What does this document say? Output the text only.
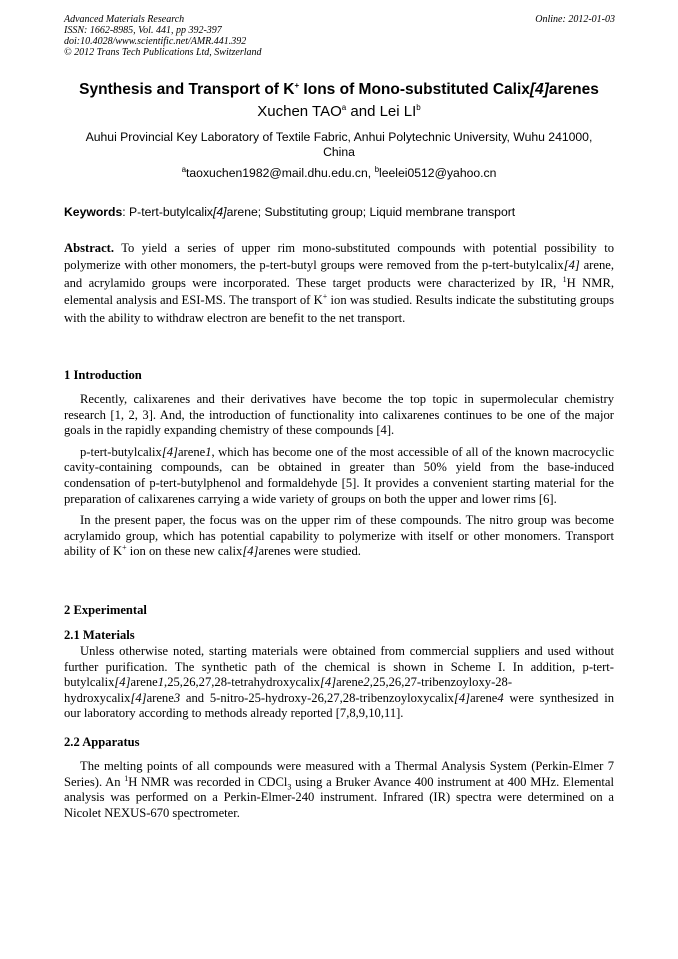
Advanced Materials Research
ISSN: 1662-8985, Vol. 441, pp 392-397
doi:10.4028/www.scientific.net/AMR.441.392
© 2012 Trans Tech Publications Ltd, Switzerland
Online: 2012-01-03
Synthesis and Transport of K+ Ions of Mono-substituted Calix[4]arenes
Xuchen TAO$^a$ and Lei $LI^b$
Auhui Provincial Key Laboratory of Textile Fabric, Anhui Polytechnic University, Wuhu 241000, China
$^a$taoxuchen1982@mail.dhu.edu.cn, $^b$leelei0512@yahoo.cn
Keywords: P-tert-butylcalix[4]arene; Substituting group; Liquid membrane transport
Abstract. To yield a series of upper rim mono-substituted compounds with potential possibility to polymerize with other monomers, the p-tert-butyl groups were removed from the p-tert-butylcalix[4] arene, and acrylamido groups were incorporated. These target products were characterized by IR, $^1$H NMR, elemental analysis and ESI-MS. The transport of K+ ion was studied. Results indicate the substituting groups with the ability to withdraw electron are benefit to the net transport.
1 Introduction

Recently, calixarenes and their derivatives have become the top topic in supermolecular chemistry research [1, 2, 3]. And, the introduction of functionality into calixarenes continues to be one of the major goals in the rapidly expanding chemistry of these compounds [4].

p-tert-butylcalix[4]arene1, which has become one of the most accessible of all of the known macrocyclic cavity-containing compounds, can be obtained in greater than 50% yield from the base-induced condensation of p-tert-butylphenol and formaldehyde [5]. It provides a convenient starting material for the preparation of calixarenes carrying a wide variety of groups on both the upper and lower rims [6].

In the present paper, the focus was on the upper rim of these compounds. The nitro group was become acrylamido group, which has potential capability to polymerize with itself or other monomers. Transport ability of K+ ion on these new calix[4]arenes were studied.

2 Experimental
2.1 Materials

Unless otherwise noted, starting materials were obtained from commercial suppliers and used without further purification. The synthetic path of the chemical is shown in Scheme I. In addition, p-tert-butylcalix[4]arene1,25,26,27,28-tetrahydroxycalix[4]arene2,25,26,27-tribenzoyloxy-28-hydroxycalix[4]arene3 and 5-nitro-25-hydroxy-26,27,28-tribenzoyloxycalix[4]arene4 were synthesized in our laboratory according to methods already reported [7,8,9,10,11].

2.2 Apparatus

The melting points of all compounds were measured with a Thermal Analysis System (Perkin-Elmer 7 Series). An $^1$H NMR was recorded in CDCl$_3$ using a Bruker Avance 400 instrument at 400 MHz. Elemental analysis was performed on a Perkin-Elmer-240 instrument. Infrared (IR) spectra were determined on a Nicolet NEXUS-670 spectrometer.
